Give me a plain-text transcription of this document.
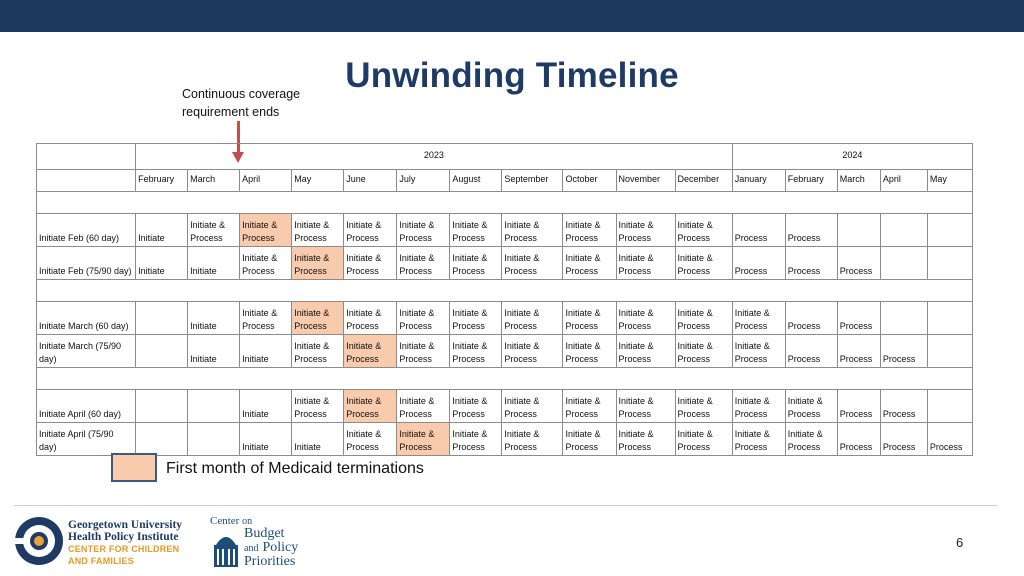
Unwinding Timeline
Continuous coverage
requirement ends
	2023											2024				
	February	March	April	May	June	July	August	September	October	November	December	January	February	March	April	May

Initiate Feb (60 day)	Initiate	Initiate & Process	Initiate & Process	Initiate & Process	Initiate & Process	Initiate & Process	Initiate & Process	Initiate & Process	Initiate & Process	Initiate & Process	Initiate & Process	Process	Process			
Initiate Feb (75/90 day)	Initiate	Initiate	Initiate & Process	Initiate & Process	Initiate & Process	Initiate & Process	Initiate & Process	Initiate & Process	Initiate & Process	Initiate & Process	Initiate & Process	Process	Process	Process		

Initiate March (60 day)		Initiate	Initiate & Process	Initiate & Process	Initiate & Process	Initiate & Process	Initiate & Process	Initiate & Process	Initiate & Process	Initiate & Process	Initiate & Process	Initiate & Process	Process	Process		
Initiate March (75/90 day)		Initiate	Initiate	Initiate & Process	Initiate & Process	Initiate & Process	Initiate & Process	Initiate & Process	Initiate & Process	Initiate & Process	Initiate & Process	Initiate & Process	Process	Process	Process	

Initiate April (60 day)			Initiate	Initiate & Process	Initiate & Process	Initiate & Process	Initiate & Process	Initiate & Process	Initiate & Process	Initiate & Process	Initiate & Process	Initiate & Process	Initiate & Process	Process	Process	
Initiate April (75/90 day)			Initiate	Initiate	Initiate & Process	Initiate & Process	Initiate & Process	Initiate & Process	Initiate & Process	Initiate & Process	Initiate & Process	Initiate & Process	Initiate & Process	Process	Process	Process
First month of Medicaid terminations
Georgetown University
Health Policy Institute
CENTER FOR CHILDREN
AND FAMILIES
Center on
Budget
and Policy
Priorities
6
